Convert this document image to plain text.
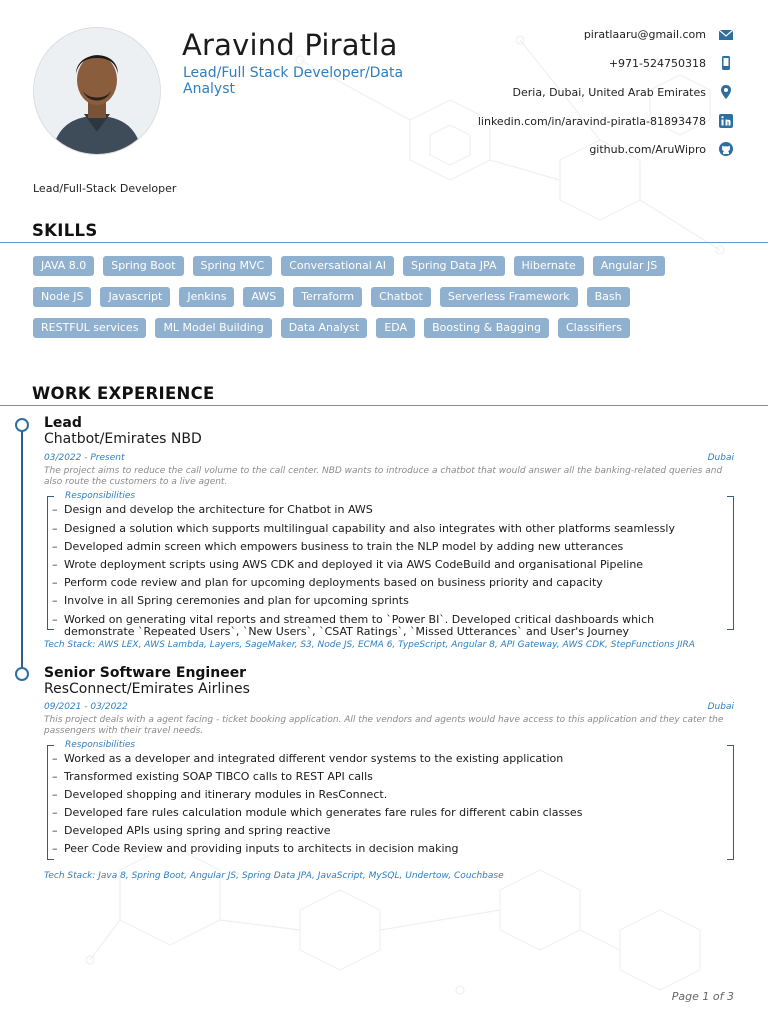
Aravind Piratla
Lead/Full Stack Developer/Data Analyst
piratlaaru@gmail.com
+971-524750318
Deria, Dubai, United Arab Emirates
linkedin.com/in/aravind-piratla-81893478
github.com/AruWipro
Lead/Full-Stack Developer
SKILLS
JAVA 8.0	Spring Boot	Spring MVC	Conversational AI	Spring Data JPA	Hibernate	Angular JS
Node JS	Javascript	Jenkins	AWS	Terraform	Chatbot	Serverless Framework	Bash
RESTFUL services	ML Model Building	Data Analyst	EDA	Boosting & Bagging	Classifiers
WORK EXPERIENCE
Lead
Chatbot/Emirates NBD
03/2022 - Present	Dubai
The project aims to reduce the call volume to the call center. NBD wants to introduce a chatbot that would answer all the banking-related queries and also route the customers to a live agent.
Responsibilities
– Design and develop the architecture for Chatbot in AWS
– Designed a solution which supports multilingual capability and also integrates with other platforms seamlessly
– Developed admin screen which empowers business to train the NLP model by adding new utterances
– Wrote deployment scripts using AWS CDK and deployed it via AWS CodeBuild and organisational Pipeline
– Perform code review and plan for upcoming deployments based on business priority and capacity
– Involve in all Spring ceremonies and plan for upcoming sprints
– Worked on generating vital reports and streamed them to `Power BI`. Developed critical dashboards which demonstrate `Repeated Users`, `New Users`, `CSAT Ratings`, `Missed Utterances` and User's Journey
Tech Stack: AWS LEX, AWS Lambda, Layers, SageMaker, S3, Node JS, ECMA 6, TypeScript, Angular 8, API Gateway, AWS CDK, StepFunctions JIRA
Senior Software Engineer
ResConnect/Emirates Airlines
09/2021 - 03/2022	Dubai
This project deals with a agent facing - ticket booking application. All the vendors and agents would have access to this application and they cater the passengers with their travel needs.
Responsibilities
– Worked as a developer and integrated different vendor systems to the existing application
– Transformed existing SOAP TIBCO calls to REST API calls
– Developed shopping and itinerary modules in ResConnect.
– Developed fare rules calculation module which generates fare rules for different cabin classes
– Developed APIs using spring and spring reactive
– Peer Code Review and providing inputs to architects in decision making
Tech Stack: Java 8, Spring Boot, Angular JS, Spring Data JPA, JavaScript, MySQL, Undertow, Couchbase
Page 1 of 3
